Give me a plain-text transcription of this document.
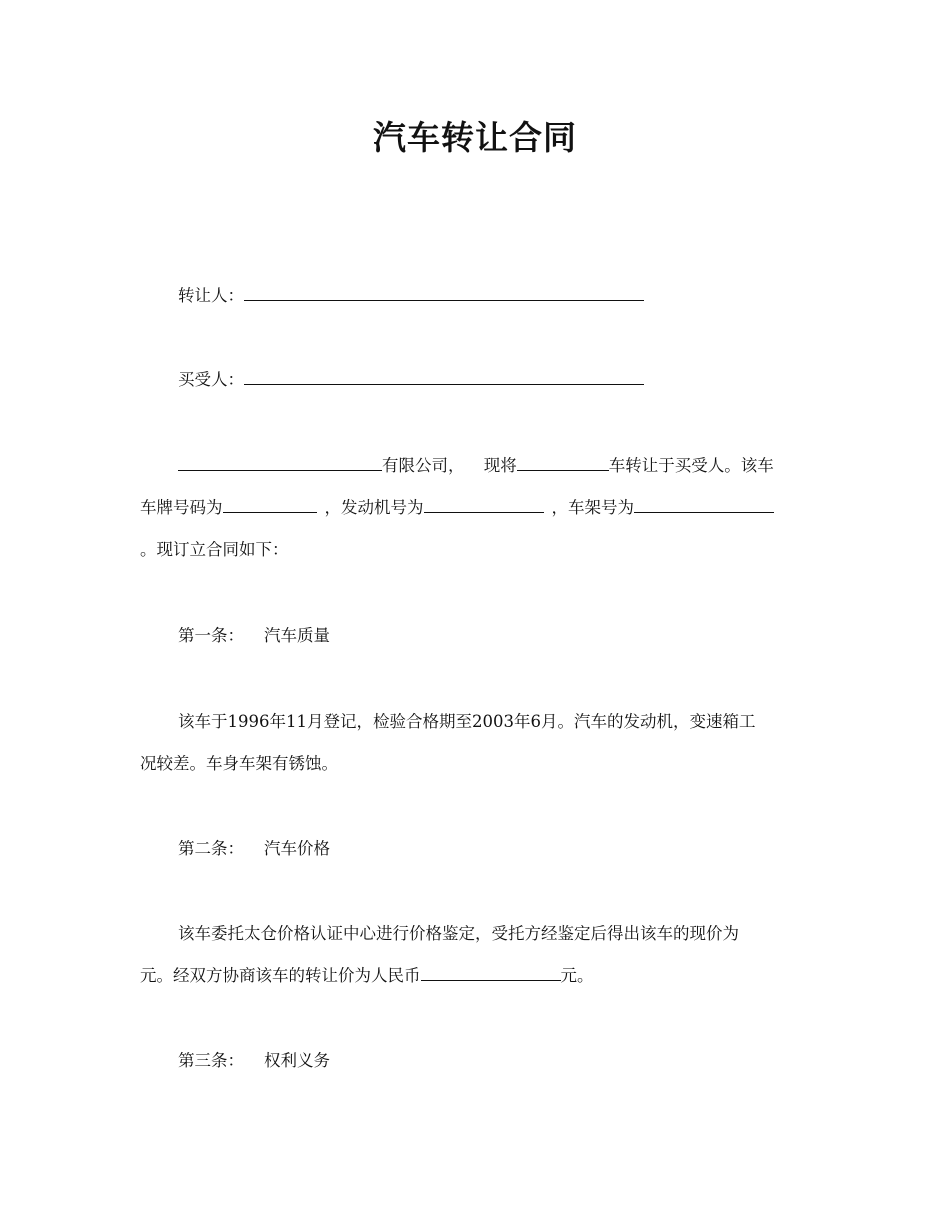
汽车转让合同
转让人：
买受人：
有限公司， 现将	车转让于买受人。该车
车牌号码为	，发动机号为	，车架号为
。现订立合同如下：
第一条： 汽车质量
该车于1996年11月登记，检验合格期至2003年6月。汽车的发动机，变速箱工
况较差。车身车架有锈蚀。
第二条： 汽车价格
该车委托太仓价格认证中心进行价格鉴定，受托方经鉴定后得出该车的现价为
元。经双方协商该车的转让价为人民币	元。
第三条： 权利义务
